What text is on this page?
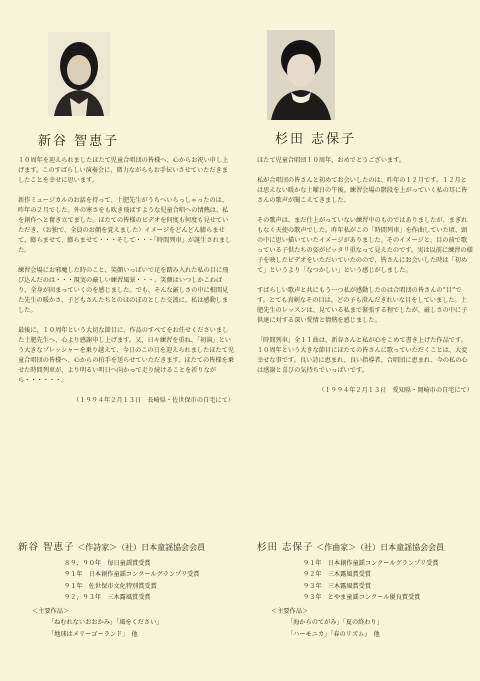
新谷 智恵子

１０周年を迎えられましたほたて児童合唱団の皆様へ、心からお祝い申し上げます。このすばらしい演奏会に、微力ながらもお手伝いさせていただきましたことを幸せに思います。

新作ミュージカルのお話を持って、土肥先生がうちへいらっしゃったのは、昨年の２月でした。外の寒さをも吹き飛ばすような児童合唱への情熱は、私を創作へと奮き立てました。ほたての皆様のビデオを何度も何度も見せていただき、（お独で、全員のお顔を覚えました）イメージをどんどん膨らませて、膨らませて、膨らませて・・・そして・・・「時間列車」が誕生されました。

練習会場にお邪魔した時のこと、笑顔いっぱいで足を踏み入れた私の目に飛び込んだのは・・・現実の厳しい練習風景・・・。笑顔はいつしかこわばり、全身が固まっていくのを感じました。でも、そんな厳しさの中に根間見た先生の暖かさ、子どもさんたちとのほのぼのとした交流に、私は感動しました。

最後に、１０周年という大切な節目に、作品のすべてをお任せくださいました土肥先生へ、心より感謝申し上げます。又、日々練習を重ね、「初演」という大きなプレッシャーを乗り越えて、今日のこの日を迎えられましたほたて児童合唱団の皆様へ、心からの拍手を送らせていただきます。ほたての皆様を乗せた時間列車が、より明るい明日へ向かって走り続けることを祈りながら・・・・・・。

（１９９４年２月１３日　長崎県・佐世保市の自宅にて）

新谷 智恵子 ＜作詩家＞（社）日本童謡協会会員
８９，９０年　毎日童謡賞受賞
９１年　日本創作童謡コンクールグランプリ受賞
９１年　佐世保市文化特別賞受賞
９２，９３年　三木露風賞受賞
＜主要作品＞
「ねむれないおおかみ」「風をください」
「地球はメリーゴーランド」　他
杉田 志保子

ほたて児童合唱団１０周年、おめでとうございます。

私が合唱団の皆さんと初めてお会いしたのは、昨年の１２月です。１２月とは思えない暖かな土曜日の午後。練習会場の階段を上がっていく私の耳に皆さんの歌声が聞こえてきました。

その歌声は、まだ仕上がっていない練習中のものではありましたが、まぎれもなく天使の歌声でした。昨年私がこの「時間列車」を作曲していた頃、頭の中に思い描いていたイメージがありました。そのイメージと、目の前で歌っている子供たちの姿がピッタリ重なって見えたのです。実は以前に練習の様子を映したビデオをいただいていたのので、皆さんにお会いした時は「初めて」というより「なつかしい」という感じがしました。

すばらしい歌声と共にもう一つ私が感動したのは合唱団の皆さんの“目”です。とても真剣なその目は、どの子も澄んだきれいな目をしていました。土肥先生のレッスンは、見ている私まで緊張する程でしたが、厳しさの中に子供達に対する深い愛情と情熱を感じました。

「時間列車」全１１曲は、新谷さんと私が心をこめて書き上げた作品です。１０周年という大きな節目にほたての皆さんに歌っていただくことは、大変幸せな事です。良い詩に恵まれ、良い指導者、合唱団に恵まれ、今の私の心は感謝と喜びの気持ちでいっぱいです。

（１９９４年２月１３日　愛知県・岡崎市の自宅にて）

杉田 志保子 ＜作曲家＞（社）日本童謡協会会員
９１年　日本創作童謡コンクールグランプリ受賞
９２年　三木露風賞受賞
９３年　三木露風賞受賞
９３年　とやま童謡コンクール優良賞受賞
＜主要作品＞
「海からのてがみ」「夏の終わり」
「ハーモニカ」「春のリズム」　他
